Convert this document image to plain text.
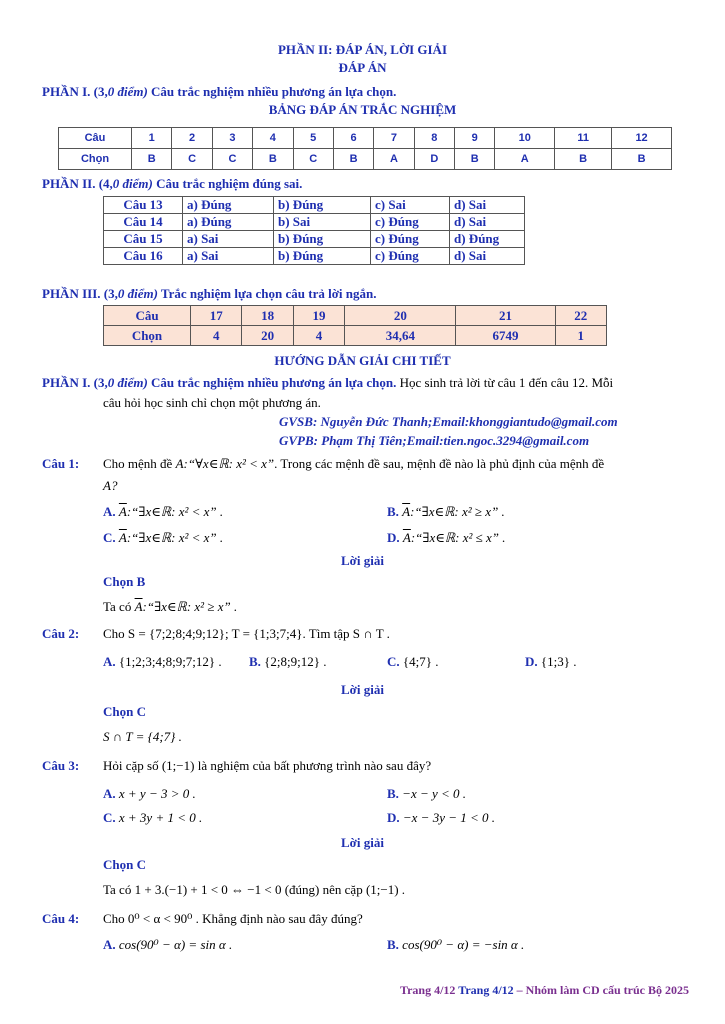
PHẦN II: ĐÁP ÁN, LỜI GIẢI
ĐÁP ÁN
PHẦN I. (3,0 điểm) Câu trắc nghiệm nhiều phương án lựa chọn.
BẢNG ĐÁP ÁN TRẮC NGHIỆM
Câu	1	2	3	4	5	6	7	8	9	10	11	12
Chọn	B	C	C	B	C	B	A	D	B	A	B	B
PHẦN II. (4,0 điểm) Câu trắc nghiệm đúng sai.
Câu 13	a) Đúng	b) Đúng	c) Sai	d) Sai
Câu 14	a) Đúng	b) Sai	c) Đúng	d) Sai
Câu 15	a) Sai	b) Đúng	c) Đúng	d) Đúng
Câu 16	a) Sai	b) Đúng	c) Đúng	d) Sai
PHẦN III. (3,0 điểm) Trắc nghiệm lựa chọn câu trả lời ngắn.
Câu	17	18	19	20	21	22
Chọn	4	20	4	34,64	6749	1
HƯỚNG DẪN GIẢI CHI TIẾT
PHẦN I. (3,0 điểm) Câu trắc nghiệm nhiều phương án lựa chọn. Học sinh trả lời từ câu 1 đến câu 12. Mỗi
câu hỏi học sinh chỉ chọn một phương án.
GVSB: Nguyễn Đức Thanh;Email:khonggiantudo@gmail.com
GVPB: Phạm Thị Tiên;Email:tien.ngoc.3294@gmail.com
Câu 1: Cho mệnh đề A:“∀x∈ℝ: x² < x”. Trong các mệnh đề sau, mệnh đề nào là phủ định của mệnh đề
A?
A. $\overline{A}:“\exists x\in ℝ$: x² < x” .	B. $\overline{A}:“\exists x\in ℝ$: x² ≥ x” .
C. $\overline{A}:“\exists x\in ℝ$: x² < x” .	D. $\overline{A}:“\exists x\in ℝ$: x² ≤ x” .
Lời giải
Chọn B
Ta có $\overline{A}:“\exists x\in ℝ$: x² ≥ x” .
Câu 2: Cho S = {7;2;8;4;9;12}; T = {1;3;7;4}. Tìm tập S ∩ T .
A. {1;2;3;4;8;9;7;12} . B. {2;8;9;12} .	C. {4;7} .	D. {1;3} .
Lời giải
Chọn C
S ∩ T = {4;7} .
Câu 3: Hỏi cặp số (1;−1) là nghiệm của bất phương trình nào sau đây?
A. x + y − 3 > 0 .	B. −x − y < 0 .
C. x + 3y + 1 < 0 .	D. −x − 3y − 1 < 0 .
Lời giải
Chọn C
Ta có 1 + 3.(−1) + 1 < 0 ⇔ −1 < 0 (đúng) nên cặp (1;−1) .
Câu 4: Cho 0⁰ < α < 90⁰ . Khẳng định nào sau đây đúng?
A. cos(90⁰ − α) = sin α .	B. cos(90⁰ − α) = −sin α .
Trang 4/12 Trang 4/12 – Nhóm làm CD cấu trúc Bộ 2025
